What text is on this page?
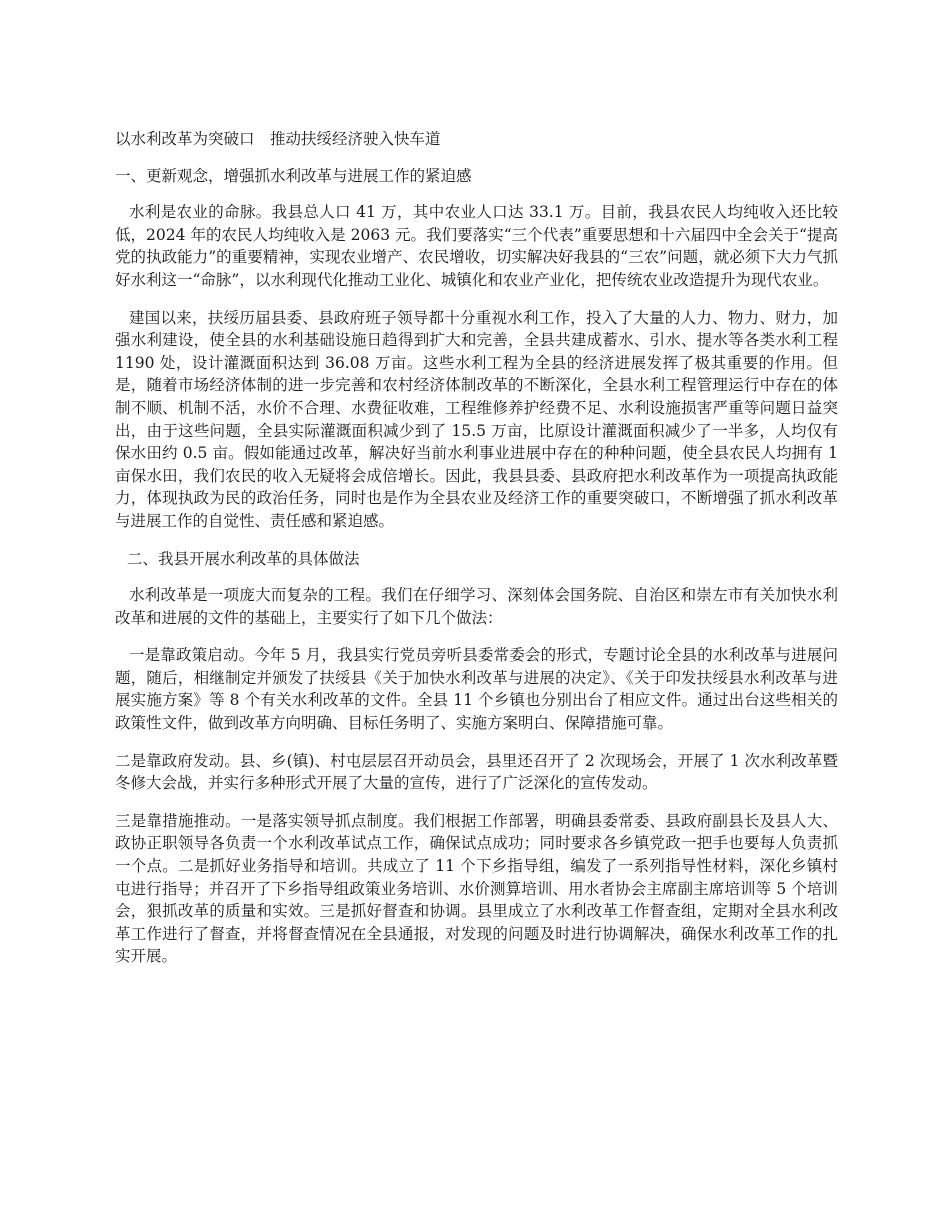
以水利改革为突破口　推动扶绥经济驶入快车道
一、更新观念，增强抓水利改革与进展工作的紧迫感

水利是农业的命脉。我县总人口 41 万，其中农业人口达 33.1 万。目前，我县农民人均纯收入还比较低，2024 年的农民人均纯收入是 2063 元。我们要落实“三个代表”重要思想和十六届四中全会关于“提高党的执政能力”的重要精神，实现农业增产、农民增收，切实解决好我县的“三农”问题，就必须下大力气抓好水利这一“命脉”，以水利现代化推动工业化、城镇化和农业产业化，把传统农业改造提升为现代农业。

建国以来，扶绥历届县委、县政府班子领导都十分重视水利工作，投入了大量的人力、物力、财力，加强水利建设，使全县的水利基础设施日趋得到扩大和完善，全县共建成蓄水、引水、提水等各类水利工程 1190 处，设计灌溉面积达到 36.08 万亩。这些水利工程为全县的经济进展发挥了极其重要的作用。但是，随着市场经济体制的进一步完善和农村经济体制改革的不断深化，全县水利工程管理运行中存在的体制不顺、机制不活，水价不合理、水费征收难，工程维修养护经费不足、水利设施损害严重等问题日益突出，由于这些问题，全县实际灌溉面积减少到了 15.5 万亩，比原设计灌溉面积减少了一半多，人均仅有保水田约 0.5 亩。假如能通过改革，解决好当前水利事业进展中存在的种种问题，使全县农民人均拥有 1 亩保水田，我们农民的收入无疑将会成倍增长。因此，我县县委、县政府把水利改革作为一项提高执政能力，体现执政为民的政治任务，同时也是作为全县农业及经济工作的重要突破口，不断增强了抓水利改革与进展工作的自觉性、责任感和紧迫感。

二、我县开展水利改革的具体做法

水利改革是一项庞大而复杂的工程。我们在仔细学习、深刻体会国务院、自治区和崇左市有关加快水利改革和进展的文件的基础上，主要实行了如下几个做法：

一是靠政策启动。今年 5 月，我县实行党员旁听县委常委会的形式，专题讨论全县的水利改革与进展问题，随后，相继制定并颁发了扶绥县《关于加快水利改革与进展的决定》、《关于印发扶绥县水利改革与进展实施方案》等 8 个有关水利改革的文件。全县 11 个乡镇也分别出台了相应文件。通过出台这些相关的政策性文件，做到改革方向明确、目标任务明了、实施方案明白、保障措施可靠。

二是靠政府发动。县、乡(镇)、村屯层层召开动员会，县里还召开了 2 次现场会，开展了 1 次水利改革暨冬修大会战，并实行多种形式开展了大量的宣传，进行了广泛深化的宣传发动。

三是靠措施推动。一是落实领导抓点制度。我们根据工作部署，明确县委常委、县政府副县长及县人大、政协正职领导各负责一个水利改革试点工作，确保试点成功；同时要求各乡镇党政一把手也要每人负责抓一个点。二是抓好业务指导和培训。共成立了 11 个下乡指导组，编发了一系列指导性材料，深化乡镇村屯进行指导；并召开了下乡指导组政策业务培训、水价测算培训、用水者协会主席副主席培训等 5 个培训会，狠抓改革的质量和实效。三是抓好督查和协调。县里成立了水利改革工作督查组，定期对全县水利改革工作进行了督查，并将督查情况在全县通报，对发现的问题及时进行协调解决，确保水利改革工作的扎实开展。
